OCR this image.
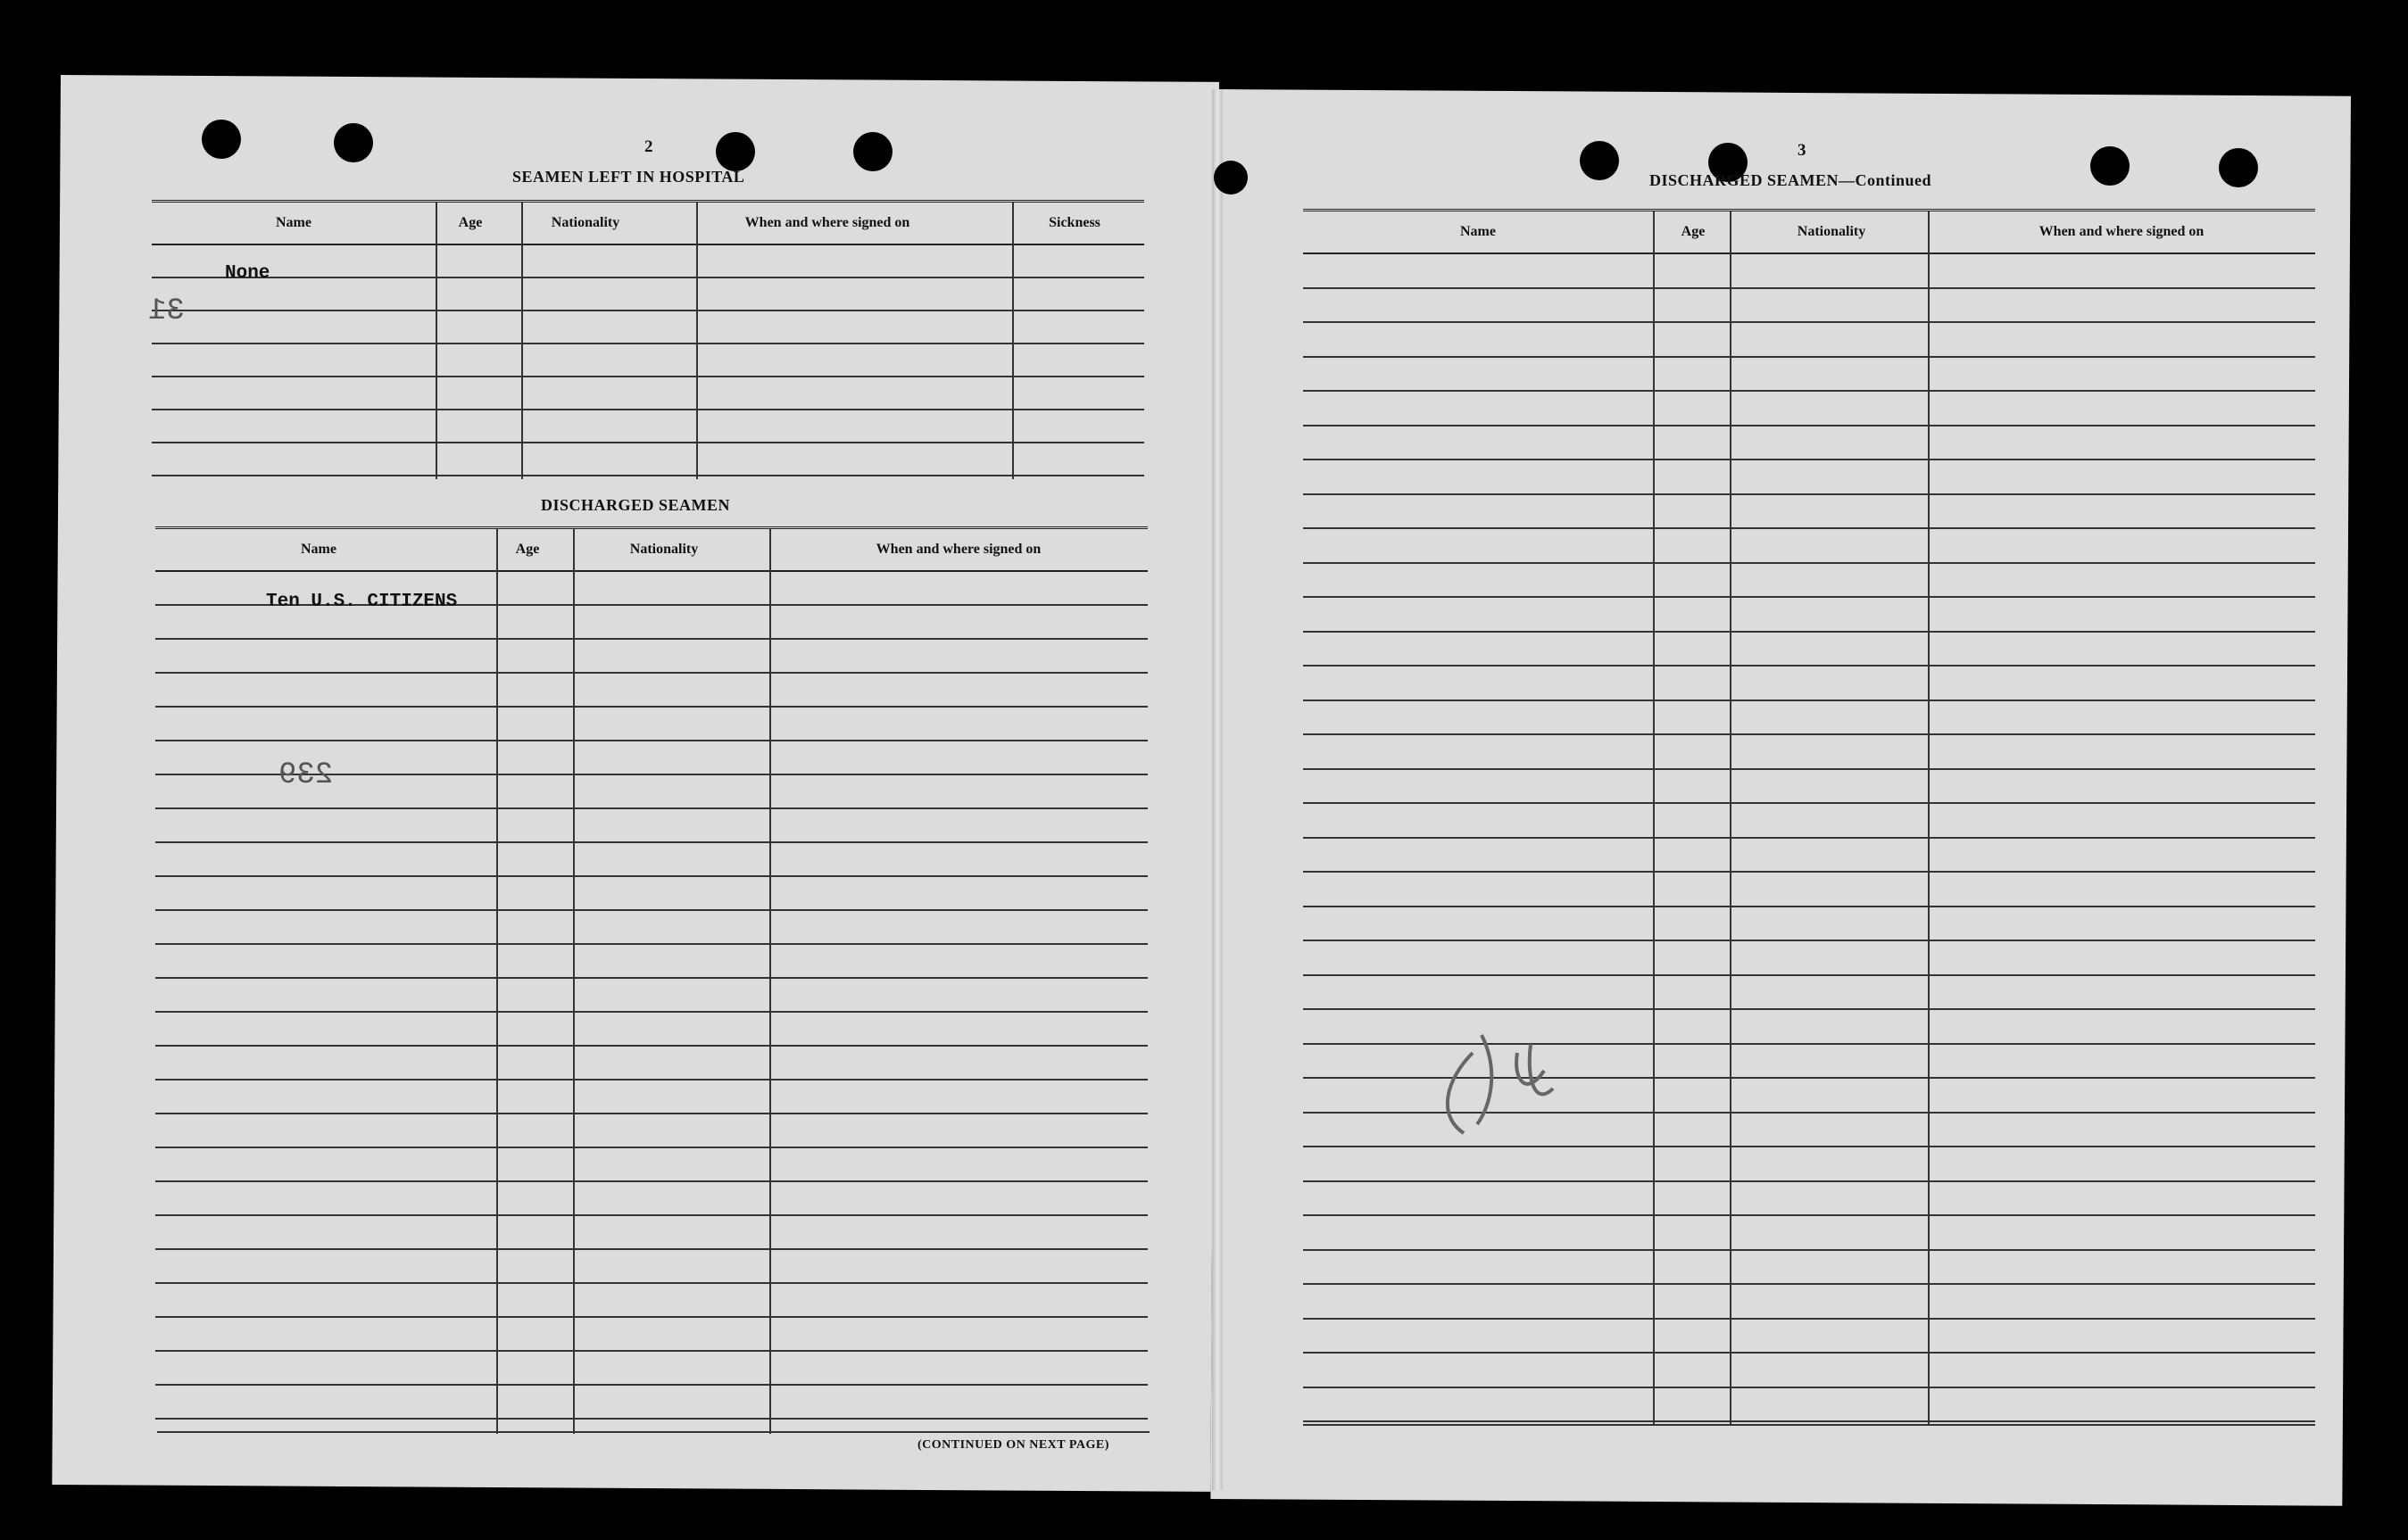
2
SEAMEN LEFT IN HOSPITAL
Name	Age	Nationality	When and where signed on	Sickness
None
31
DISCHARGED SEAMEN
Name	Age	Nationality	When and where signed on
Ten U.S. CITIZENS
239
(CONTINUED ON NEXT PAGE)
3
DISCHARGED SEAMEN—Continued
Name	Age	Nationality	When and where signed on
